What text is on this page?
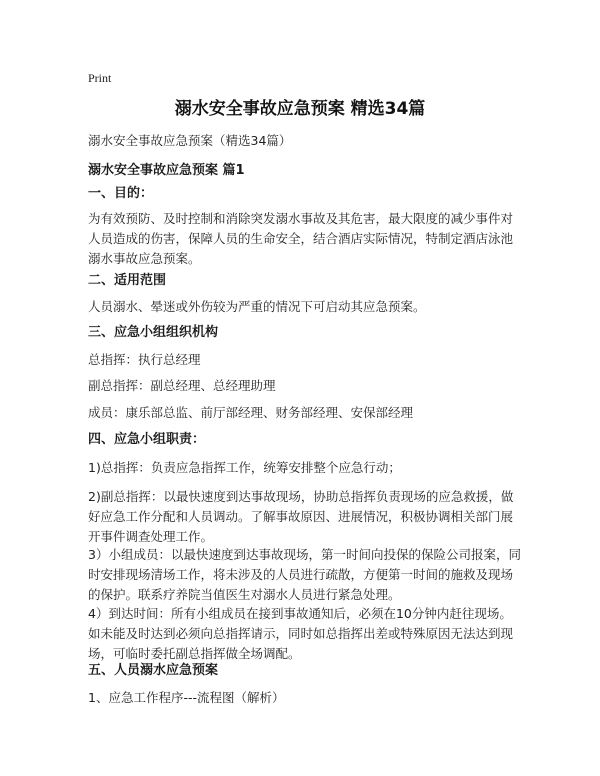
Print

溺水安全事故应急预案 精选34篇

溺水安全事故应急预案（精选34篇）

溺水安全事故应急预案 篇1

一、目的：

为有效预防、及时控制和消除突发溺水事故及其危害，最大限度的减少事件对人员造成的伤害，保障人员的生命安全，结合酒店实际情况，特制定酒店泳池溺水事故应急预案。

二、适用范围

人员溺水、晕迷或外伤较为严重的情况下可启动其应急预案。

三、应急小组组织机构

总指挥：执行总经理

副总指挥：副总经理、总经理助理

成员：康乐部总监、前厅部经理、财务部经理、安保部经理

四、应急小组职责：

1)总指挥：负责应急指挥工作，统筹安排整个应急行动；

2)副总指挥：以最快速度到达事故现场，协助总指挥负责现场的应急救援，做好应急工作分配和人员调动。了解事故原因、进展情况，积极协调相关部门展开事件调查处理工作。

3）小组成员：以最快速度到达事故现场，第一时间向投保的保险公司报案，同时安排现场清场工作，将未涉及的人员进行疏散，方便第一时间的施救及现场的保护。联系疗养院当值医生对溺水人员进行紧急处理。

4）到达时间：所有小组成员在接到事故通知后，必须在10分钟内赶往现场。如未能及时达到必须向总指挥请示，同时如总指挥出差或特殊原因无法达到现场，可临时委托副总指挥做全场调配。

五、人员溺水应急预案

1、应急工作程序---流程图（解析）
